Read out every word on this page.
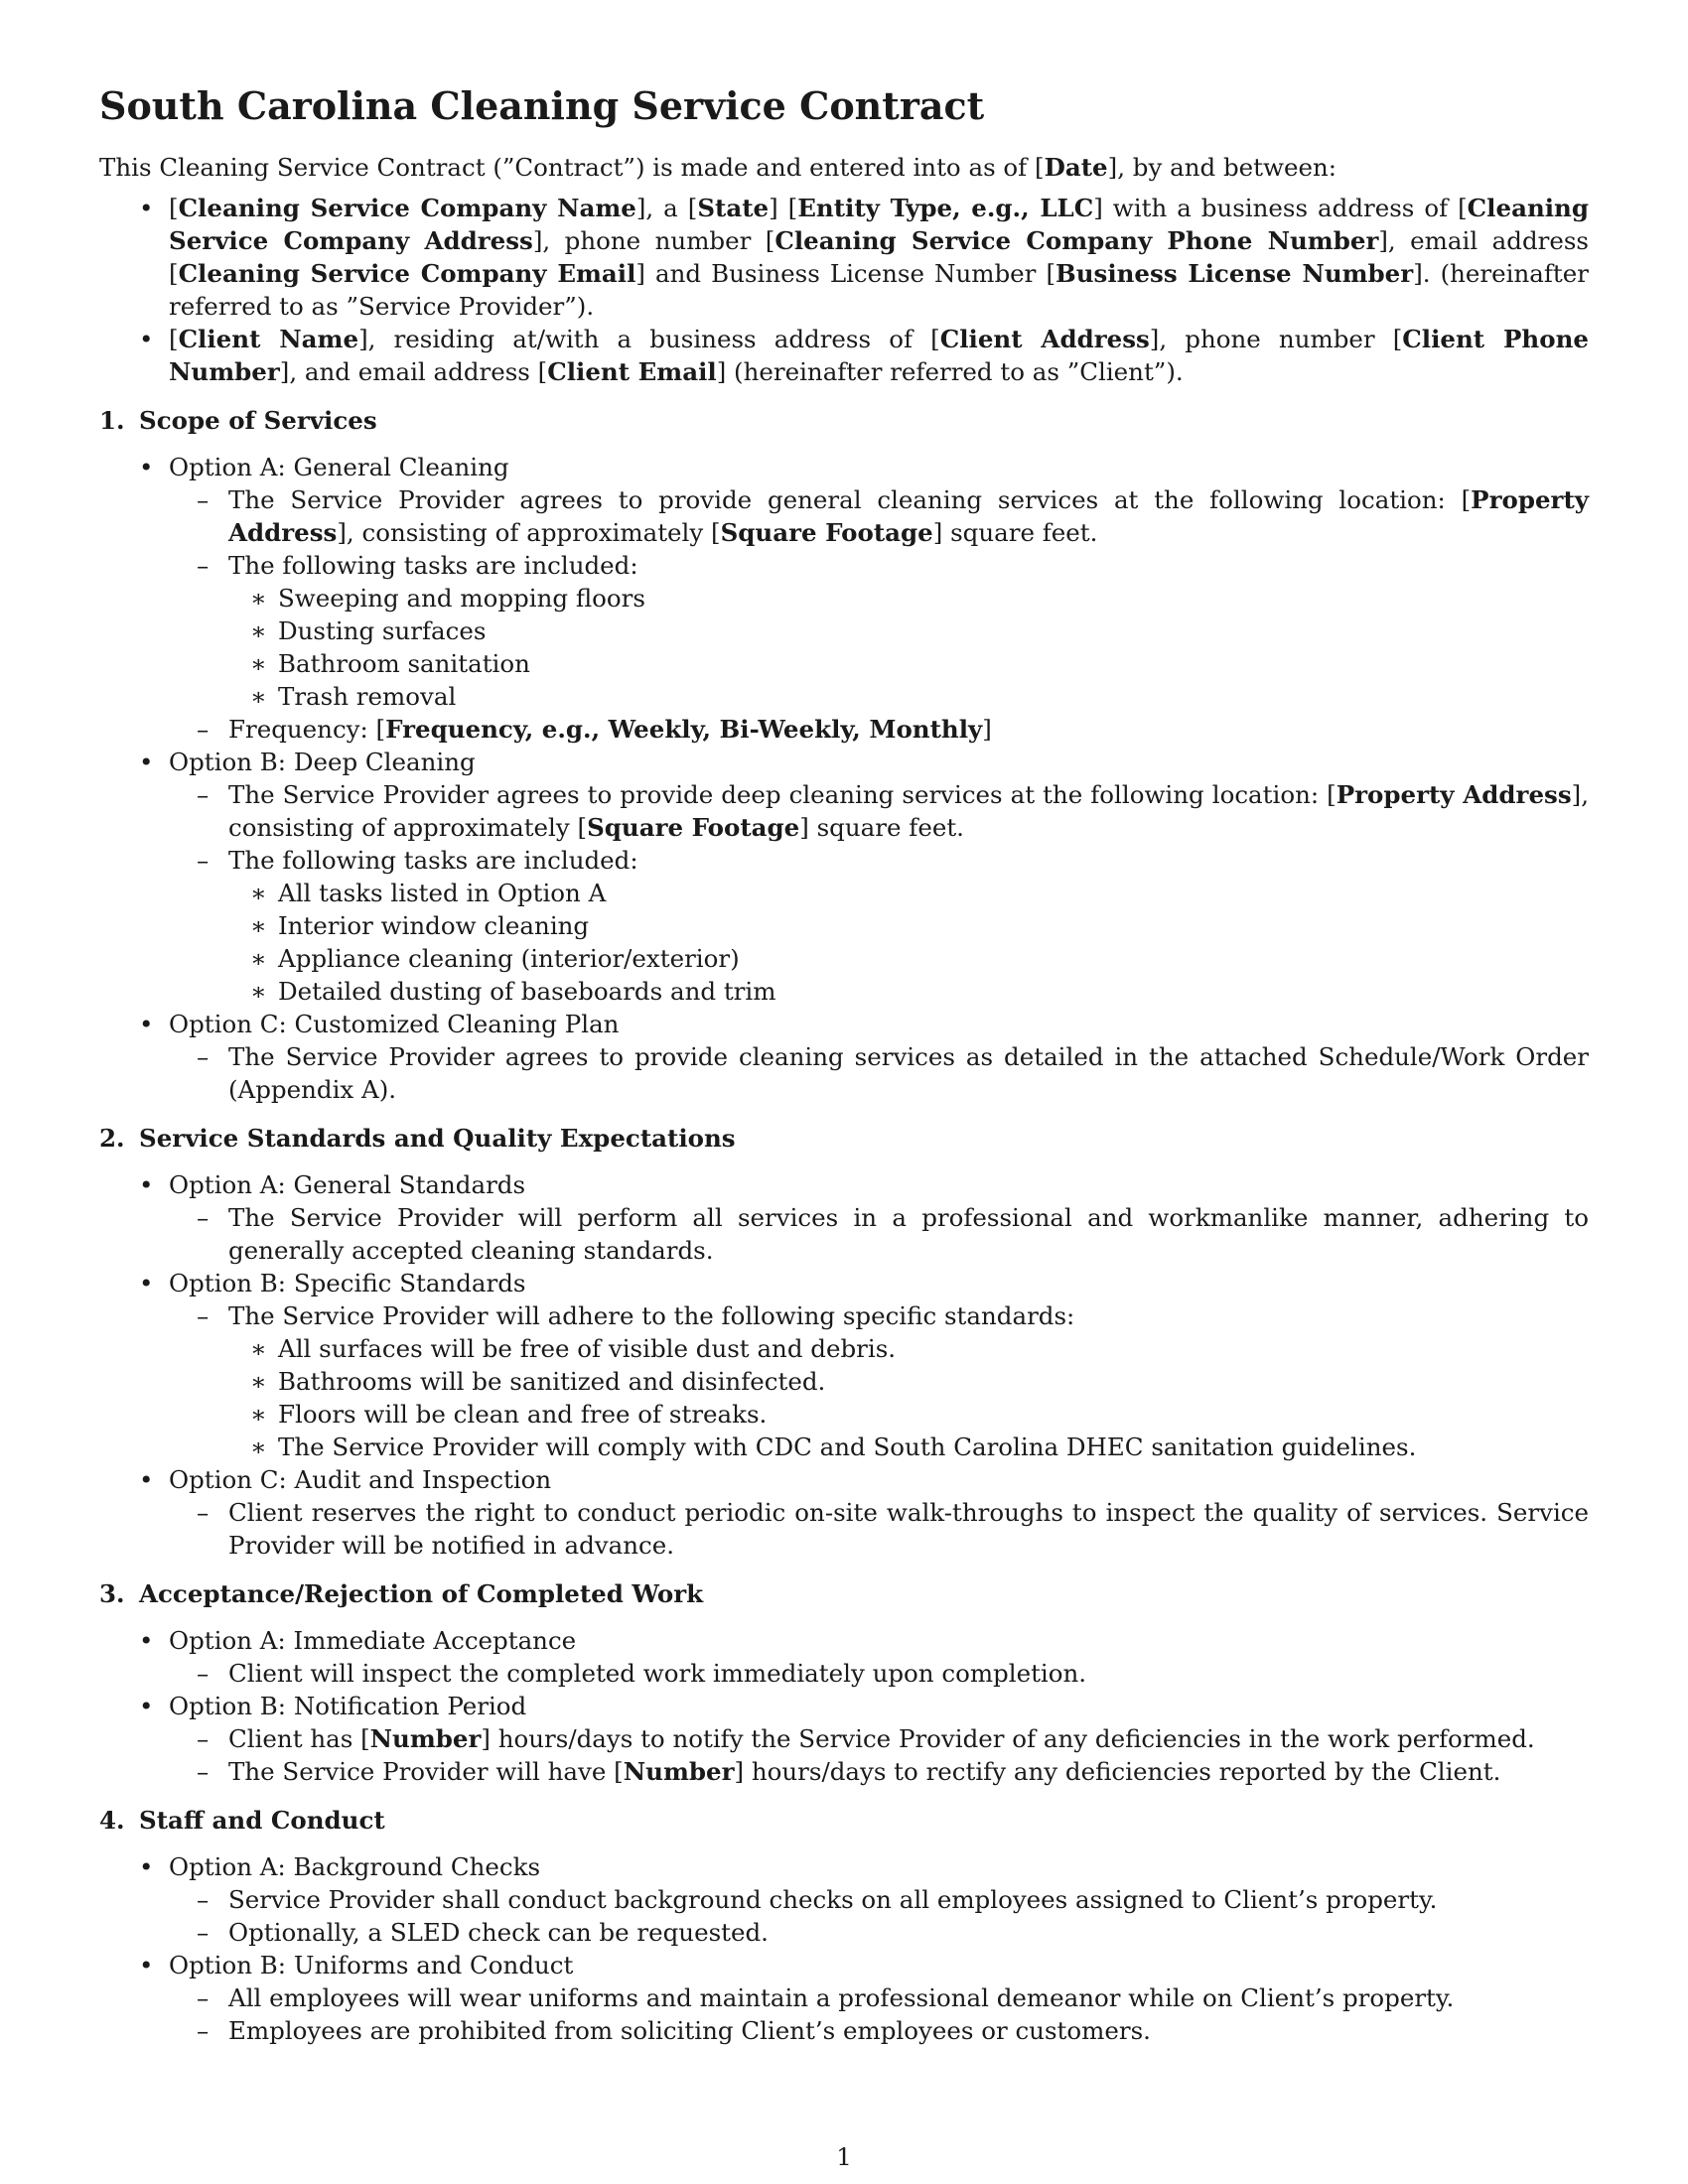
South Carolina Cleaning Service Contract

This Cleaning Service Contract (”Contract”) is made and entered into as of [Date], by and between:

• [Cleaning Service Company Name], a [State] [Entity Type, e.g., LLC] with a business address of [Cleaning Service Company Address], phone number [Cleaning Service Company Phone Number], email address [Cleaning Service Company Email] and Business License Number [Business License Number]. (hereinafter referred to as ”Service Provider”).
• [Client Name], residing at/with a business address of [Client Address], phone number [Client Phone Number], and email address [Client Email] (hereinafter referred to as ”Client”).
1. Scope of Services
• Option A: General Cleaning
– The Service Provider agrees to provide general cleaning services at the following location: [Property Address], consisting of approximately [Square Footage] square feet.
– The following tasks are included:
∗ Sweeping and mopping floors
∗ Dusting surfaces
∗ Bathroom sanitation
∗ Trash removal
– Frequency: [Frequency, e.g., Weekly, Bi-Weekly, Monthly]
• Option B: Deep Cleaning
– The Service Provider agrees to provide deep cleaning services at the following location: [Property Address], consisting of approximately [Square Footage] square feet.
– The following tasks are included:
∗ All tasks listed in Option A
∗ Interior window cleaning
∗ Appliance cleaning (interior/exterior)
∗ Detailed dusting of baseboards and trim
• Option C: Customized Cleaning Plan
– The Service Provider agrees to provide cleaning services as detailed in the attached Schedule/Work Order (Appendix A).
2. Service Standards and Quality Expectations
• Option A: General Standards
– The Service Provider will perform all services in a professional and workmanlike manner, adhering to generally accepted cleaning standards.
• Option B: Specific Standards
– The Service Provider will adhere to the following specific standards:
∗ All surfaces will be free of visible dust and debris.
∗ Bathrooms will be sanitized and disinfected.
∗ Floors will be clean and free of streaks.
∗ The Service Provider will comply with CDC and South Carolina DHEC sanitation guidelines.
• Option C: Audit and Inspection
– Client reserves the right to conduct periodic on-site walk-throughs to inspect the quality of services. Service Provider will be notified in advance.
3. Acceptance/Rejection of Completed Work
• Option A: Immediate Acceptance
– Client will inspect the completed work immediately upon completion.
• Option B: Notification Period
– Client has [Number] hours/days to notify the Service Provider of any deficiencies in the work performed.
– The Service Provider will have [Number] hours/days to rectify any deficiencies reported by the Client.
4. Staff and Conduct
• Option A: Background Checks
– Service Provider shall conduct background checks on all employees assigned to Client’s property.
– Optionally, a SLED check can be requested.
• Option B: Uniforms and Conduct
– All employees will wear uniforms and maintain a professional demeanor while on Client’s property.
– Employees are prohibited from soliciting Client’s employees or customers.
1
